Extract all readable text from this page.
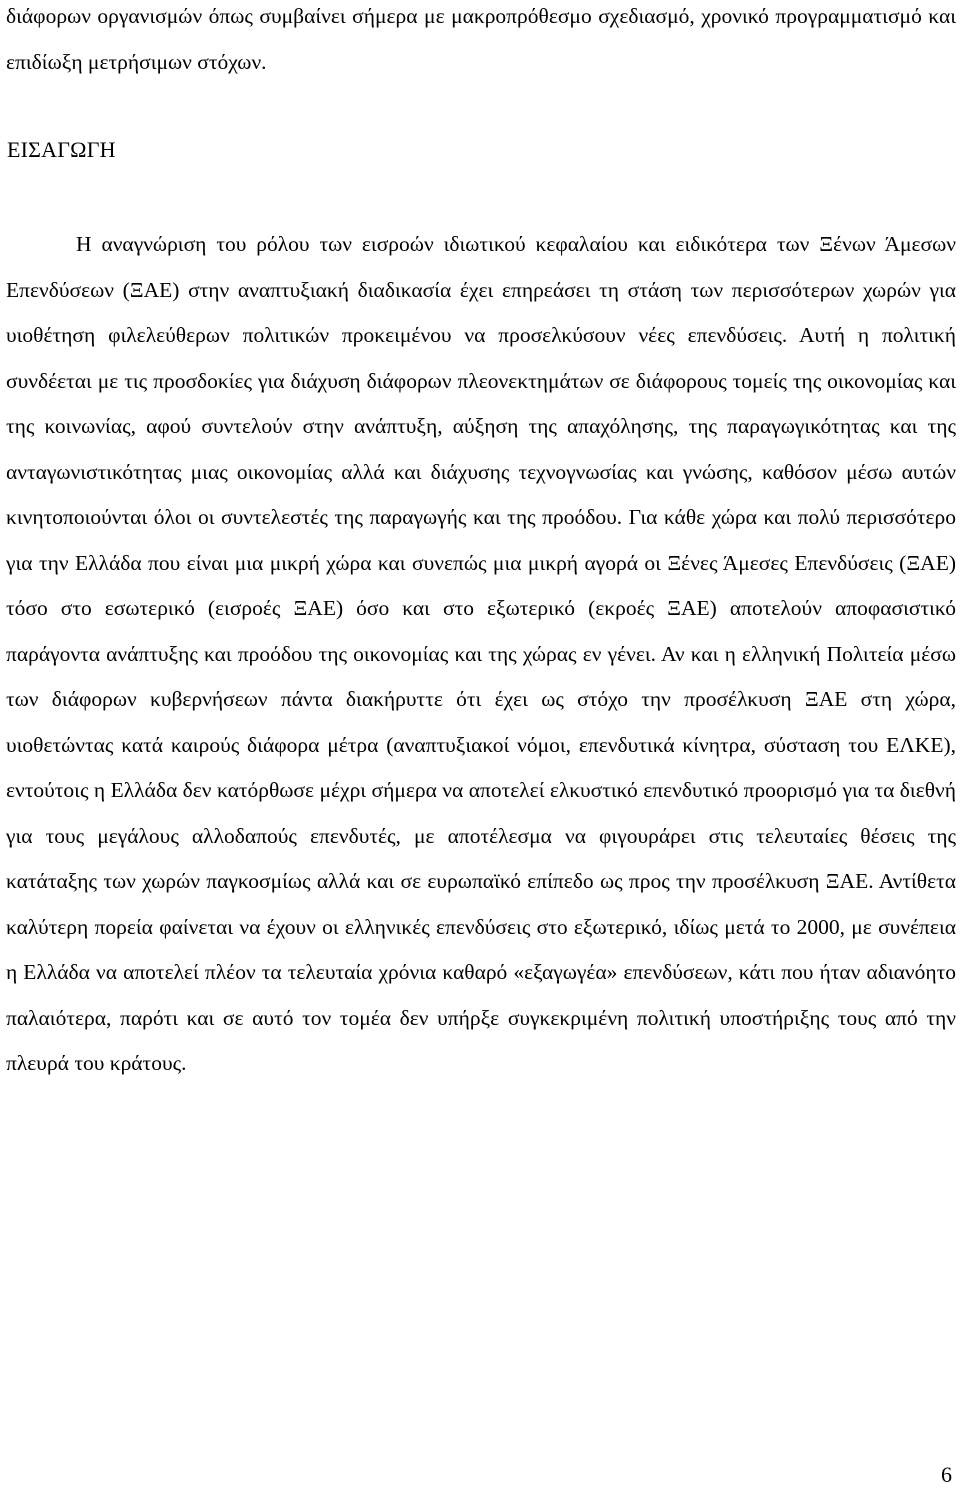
διάφορων οργανισμών όπως συμβαίνει σήμερα με μακροπρόθεσμο σχεδιασμό, χρονικό προγραμματισμό και επιδίωξη μετρήσιμων στόχων.

ΕΙΣΑΓΩΓΗ

Η αναγνώριση του ρόλου των εισροών ιδιωτικού κεφαλαίου και ειδικότερα των Ξένων Άμεσων Επενδύσεων (ΞΑΕ) στην αναπτυξιακή διαδικασία έχει επηρεάσει τη στάση των περισσότερων χωρών για υιοθέτηση φιλελεύθερων πολιτικών προκειμένου να προσελκύσουν νέες επενδύσεις. Αυτή η πολιτική συνδέεται με τις προσδοκίες για διάχυση διάφορων πλεονεκτημάτων σε διάφορους τομείς της οικονομίας και της κοινωνίας, αφού συντελούν στην ανάπτυξη, αύξηση της απαχόλησης, της παραγωγικότητας και της ανταγωνιστικότητας μιας οικονομίας αλλά και διάχυσης τεχνογνωσίας και γνώσης, καθόσον μέσω αυτών κινητοποιούνται όλοι οι συντελεστές της παραγωγής και της προόδου. Για κάθε χώρα και πολύ περισσότερο για την Ελλάδα που είναι μια μικρή χώρα και συνεπώς μια μικρή αγορά οι Ξένες Άμεσες Επενδύσεις (ΞΑΕ) τόσο στο εσωτερικό (εισροές ΞΑΕ) όσο και στο εξωτερικό (εκροές ΞΑΕ) αποτελούν αποφασιστικό παράγοντα ανάπτυξης και προόδου της οικονομίας και της χώρας εν γένει. Αν και η ελληνική Πολιτεία μέσω των διάφορων κυβερνήσεων πάντα διακήρυττε ότι έχει ως στόχο την προσέλκυση ΞΑΕ στη χώρα, υιοθετώντας κατά καιρούς διάφορα μέτρα (αναπτυξιακοί νόμοι, επενδυτικά κίνητρα, σύσταση του ΕΛΚΕ), εντούτοις η Ελλάδα δεν κατόρθωσε μέχρι σήμερα να αποτελεί ελκυστικό επενδυτικό προορισμό για τα διεθνή για τους μεγάλους αλλοδαπούς επενδυτές, με αποτέλεσμα να φιγουράρει στις τελευταίες θέσεις της κατάταξης των χωρών παγκοσμίως αλλά και σε ευρωπαϊκό επίπεδο ως προς την προσέλκυση ΞΑΕ. Αντίθετα καλύτερη πορεία φαίνεται να έχουν οι ελληνικές επενδύσεις στο εξωτερικό, ιδίως μετά το 2000, με συνέπεια η Ελλάδα να αποτελεί πλέον τα τελευταία χρόνια καθαρό «εξαγωγέα» επενδύσεων, κάτι που ήταν αδιανόητο παλαιότερα, παρότι και σε αυτό τον τομέα δεν υπήρξε συγκεκριμένη πολιτική υποστήριξης τους από την πλευρά του κράτους.

6
